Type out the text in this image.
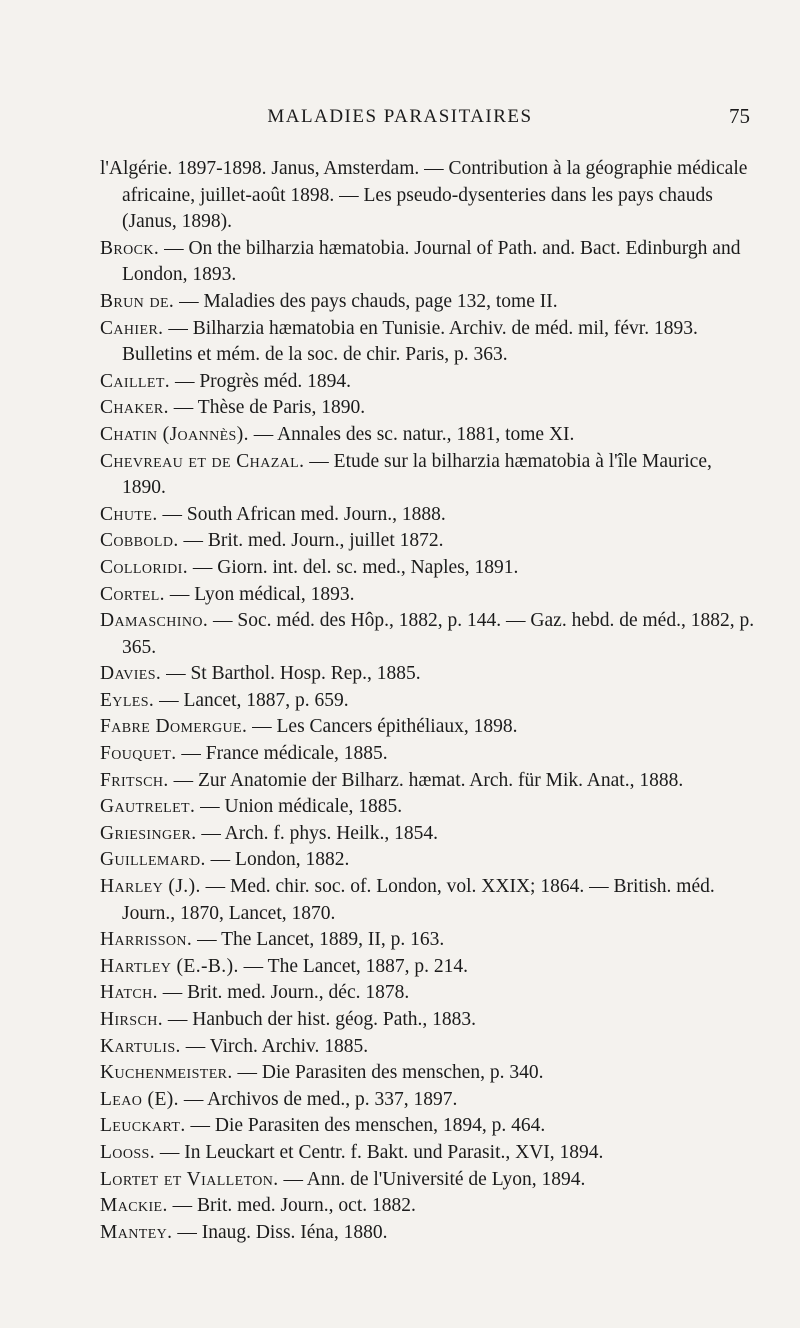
MALADIES PARASITAIRES	75
l'Algérie. 1897-1898. Janus, Amsterdam. — Contribution à la géographie médicale africaine, juillet-août 1898. — Les pseudo-dysenteries dans les pays chauds (Janus, 1898).
Brock. — On the bilharzia hæmatobia. Journal of Path. and. Bact. Edinburgh and London, 1893.
Brun de. — Maladies des pays chauds, page 132, tome II.
Cahier. — Bilharzia hæmatobia en Tunisie. Archiv. de méd. mil, févr. 1893. Bulletins et mém. de la soc. de chir. Paris, p. 363.
Caillet. — Progrès méd. 1894.
Chaker. — Thèse de Paris, 1890.
Chatin (Joannès). — Annales des sc. natur., 1881, tome XI.
Chevreau et de Chazal. — Etude sur la bilharzia hæmatobia à l'île Maurice, 1890.
Chute. — South African med. Journ., 1888.
Cobbold. — Brit. med. Journ., juillet 1872.
Colloridi. — Giorn. int. del. sc. med., Naples, 1891.
Cortel. — Lyon médical, 1893.
Damaschino. — Soc. méd. des Hôp., 1882, p. 144. — Gaz. hebd. de méd., 1882, p. 365.
Davies. — St Barthol. Hosp. Rep., 1885.
Eyles. — Lancet, 1887, p. 659.
Fabre Domergue. — Les Cancers épithéliaux, 1898.
Fouquet. — France médicale, 1885.
Fritsch. — Zur Anatomie der Bilharz. hæmat. Arch. für Mik. Anat., 1888.
Gautrelet. — Union médicale, 1885.
Griesinger. — Arch. f. phys. Heilk., 1854.
Guillemard. — London, 1882.
Harley (J.). — Med. chir. soc. of. London, vol. XXIX; 1864. — British. méd. Journ., 1870, Lancet, 1870.
Harrisson. — The Lancet, 1889, II, p. 163.
Hartley (E.-B.). — The Lancet, 1887, p. 214.
Hatch. — Brit. med. Journ., déc. 1878.
Hirsch. — Hanbuch der hist. géog. Path., 1883.
Kartulis. — Virch. Archiv. 1885.
Kuchenmeister. — Die Parasiten des menschen, p. 340.
Leao (E). — Archivos de med., p. 337, 1897.
Leuckart. — Die Parasiten des menschen, 1894, p. 464.
Looss. — In Leuckart et Centr. f. Bakt. und Parasit., XVI, 1894.
Lortet et Vialleton. — Ann. de l'Université de Lyon, 1894.
Mackie. — Brit. med. Journ., oct. 1882.
Mantey. — Inaug. Diss. Iéna, 1880.
